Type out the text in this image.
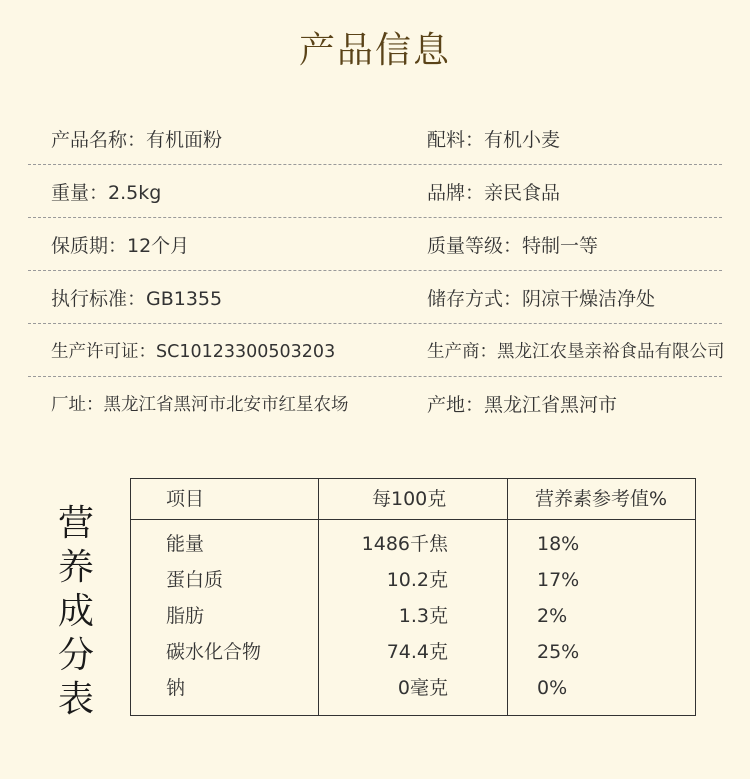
产品信息
产品名称：有机面粉	配料：有机小麦
重量：2.5kg	品牌：亲民食品
保质期：12个月	质量等级：特制一等
执行标准：GB1355	储存方式：阴凉干燥洁净处
生产许可证：SC10123300503203	生产商：黑龙江农垦亲裕食品有限公司
厂址：黑龙江省黑河市北安市红星农场	产地：黑龙江省黑河市
营
养
成
分
表
项目	每100克	营养素参考值%
能量	1486千焦	18%
蛋白质	10.2克	17%
脂肪	1.3克	2%
碳水化合物	74.4克	25%
钠	0毫克	0%
